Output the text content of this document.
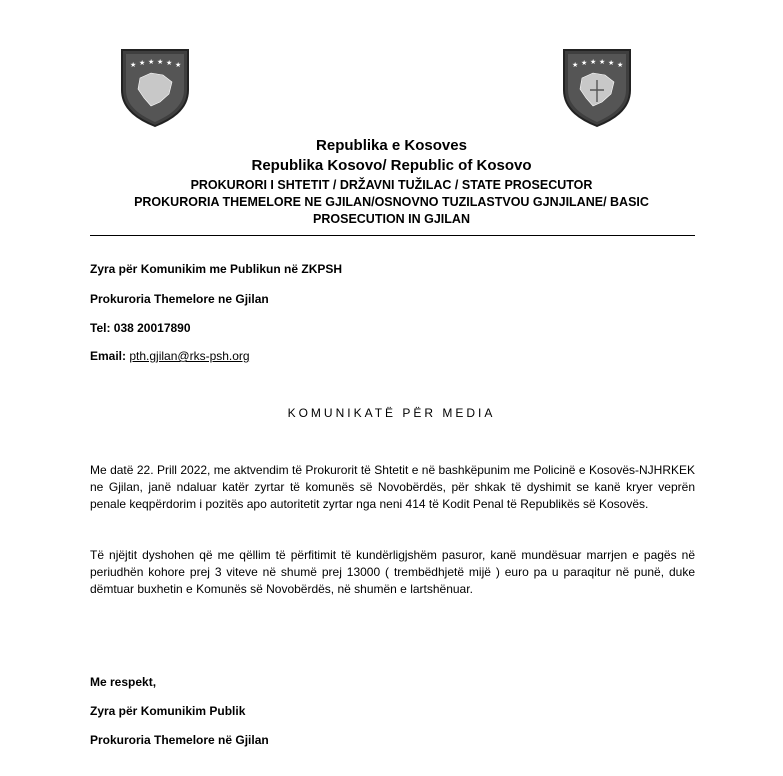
★ ★ ★ ★ ★ ★	★ ★ ★ ★ ★ ★
Republika e Kosoves
Republika Kosovo/ Republic of Kosovo
PROKURORI I SHTETIT / DRŽAVNI TUŽILAC / STATE PROSECUTOR
PROKURORIA THEMELORE NE GJILAN/OSNOVNO TUZILASTVOU GJNJILANE/ BASIC PROSECUTION IN GJILAN
Zyra për Komunikim me Publikun në ZKPSH
Prokuroria Themelore ne Gjilan
Tel: 038 20017890
Email: pth.gjilan@rks-psh.org
KOMUNIKATË PËR MEDIA
Me datë 22. Prill 2022, me aktvendim të Prokurorit të Shtetit e në bashkëpunim me Policinë e Kosovës-NJHRKEK ne Gjilan, janë ndaluar katër zyrtar të komunës së Novobërdës, për shkak të dyshimit se kanë kryer veprën penale keqpërdorim i pozitës apo autoritetit zyrtar nga neni 414 të Kodit Penal të Republikës së Kosovës.
Të njëjtit dyshohen që me qëllim të përfitimit të kundërligjshëm pasuror, kanë mundësuar marrjen e pagës në periudhën kohore prej 3 viteve në shumë prej 13000 ( trembëdhjetë mijë ) euro pa u paraqitur në punë, duke dëmtuar buxhetin e Komunës së Novobërdës, në shumën e lartshënuar.
Me respekt,
Zyra për Komunikim Publik
Prokuroria Themelore në Gjilan
